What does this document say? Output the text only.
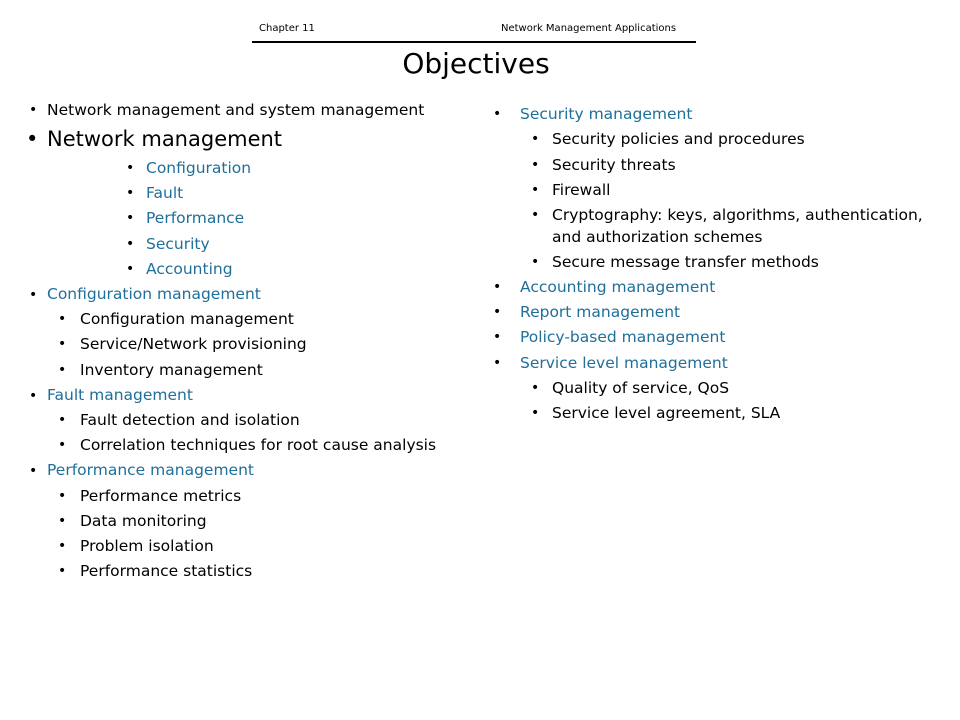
Chapter 11	Network Management Applications
Objectives
• Network management and system management
• Network management
• Configuration
• Fault
• Performance
• Security
• Accounting
• Configuration management
• Configuration management
• Service/Network provisioning
• Inventory management
• Fault management
• Fault detection and isolation
• Correlation techniques for root cause analysis
• Performance management
• Performance metrics
• Data monitoring
• Problem isolation
• Performance statistics
• Security management
• Security policies and procedures
• Security threats
• Firewall
• Cryptography: keys, algorithms, authentication,
and authorization schemes
• Secure message transfer methods
• Accounting management
• Report management
• Policy-based management
• Service level management
• Quality of service, QoS
• Service level agreement, SLA
